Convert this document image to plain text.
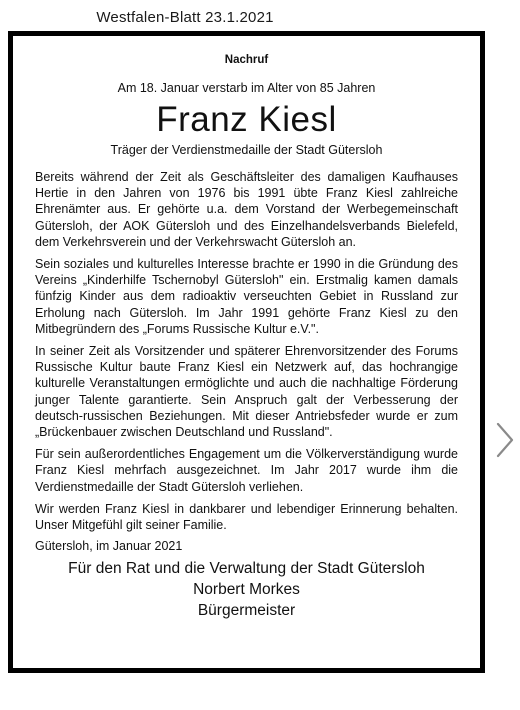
Westfalen-Blatt 23.1.2021
Nachruf
Am 18. Januar verstarb im Alter von 85 Jahren
Franz Kiesl
Träger der Verdienstmedaille der Stadt Gütersloh

Bereits während der Zeit als Geschäftsleiter des damaligen Kaufhauses Hertie in den Jahren von 1976 bis 1991 übte Franz Kiesl zahlreiche Ehrenämter aus. Er gehörte u.a. dem Vorstand der Werbegemeinschaft Gütersloh, der AOK Gütersloh und des Einzelhandelsverbands Bielefeld, dem Verkehrsverein und der Verkehrswacht Gütersloh an.

Sein soziales und kulturelles Interesse brachte er 1990 in die Gründung des Vereins „Kinderhilfe Tschernobyl Gütersloh" ein. Erstmalig kamen damals fünfzig Kinder aus dem radioaktiv verseuchten Gebiet in Russland zur Erholung nach Gütersloh. Im Jahr 1991 gehörte Franz Kiesl zu den Mitbegründern des „Forums Russische Kultur e.V.".

In seiner Zeit als Vorsitzender und späterer Ehrenvorsitzender des Forums Russische Kultur baute Franz Kiesl ein Netzwerk auf, das hochrangige kulturelle Veranstaltungen ermöglichte und auch die nachhaltige Förderung junger Talente garantierte. Sein Anspruch galt der Verbesserung der deutsch-russischen Beziehungen. Mit dieser Antriebsfeder wurde er zum „Brückenbauer zwischen Deutschland und Russland".

Für sein außerordentliches Engagement um die Völkerverständigung wurde Franz Kiesl mehrfach ausgezeichnet. Im Jahr 2017 wurde ihm die Verdienstmedaille der Stadt Gütersloh verliehen.

Wir werden Franz Kiesl in dankbarer und lebendiger Erinnerung behalten. Unser Mitgefühl gilt seiner Familie.

Gütersloh, im Januar 2021
Für den Rat und die Verwaltung der Stadt Gütersloh
Norbert Morkes
Bürgermeister
